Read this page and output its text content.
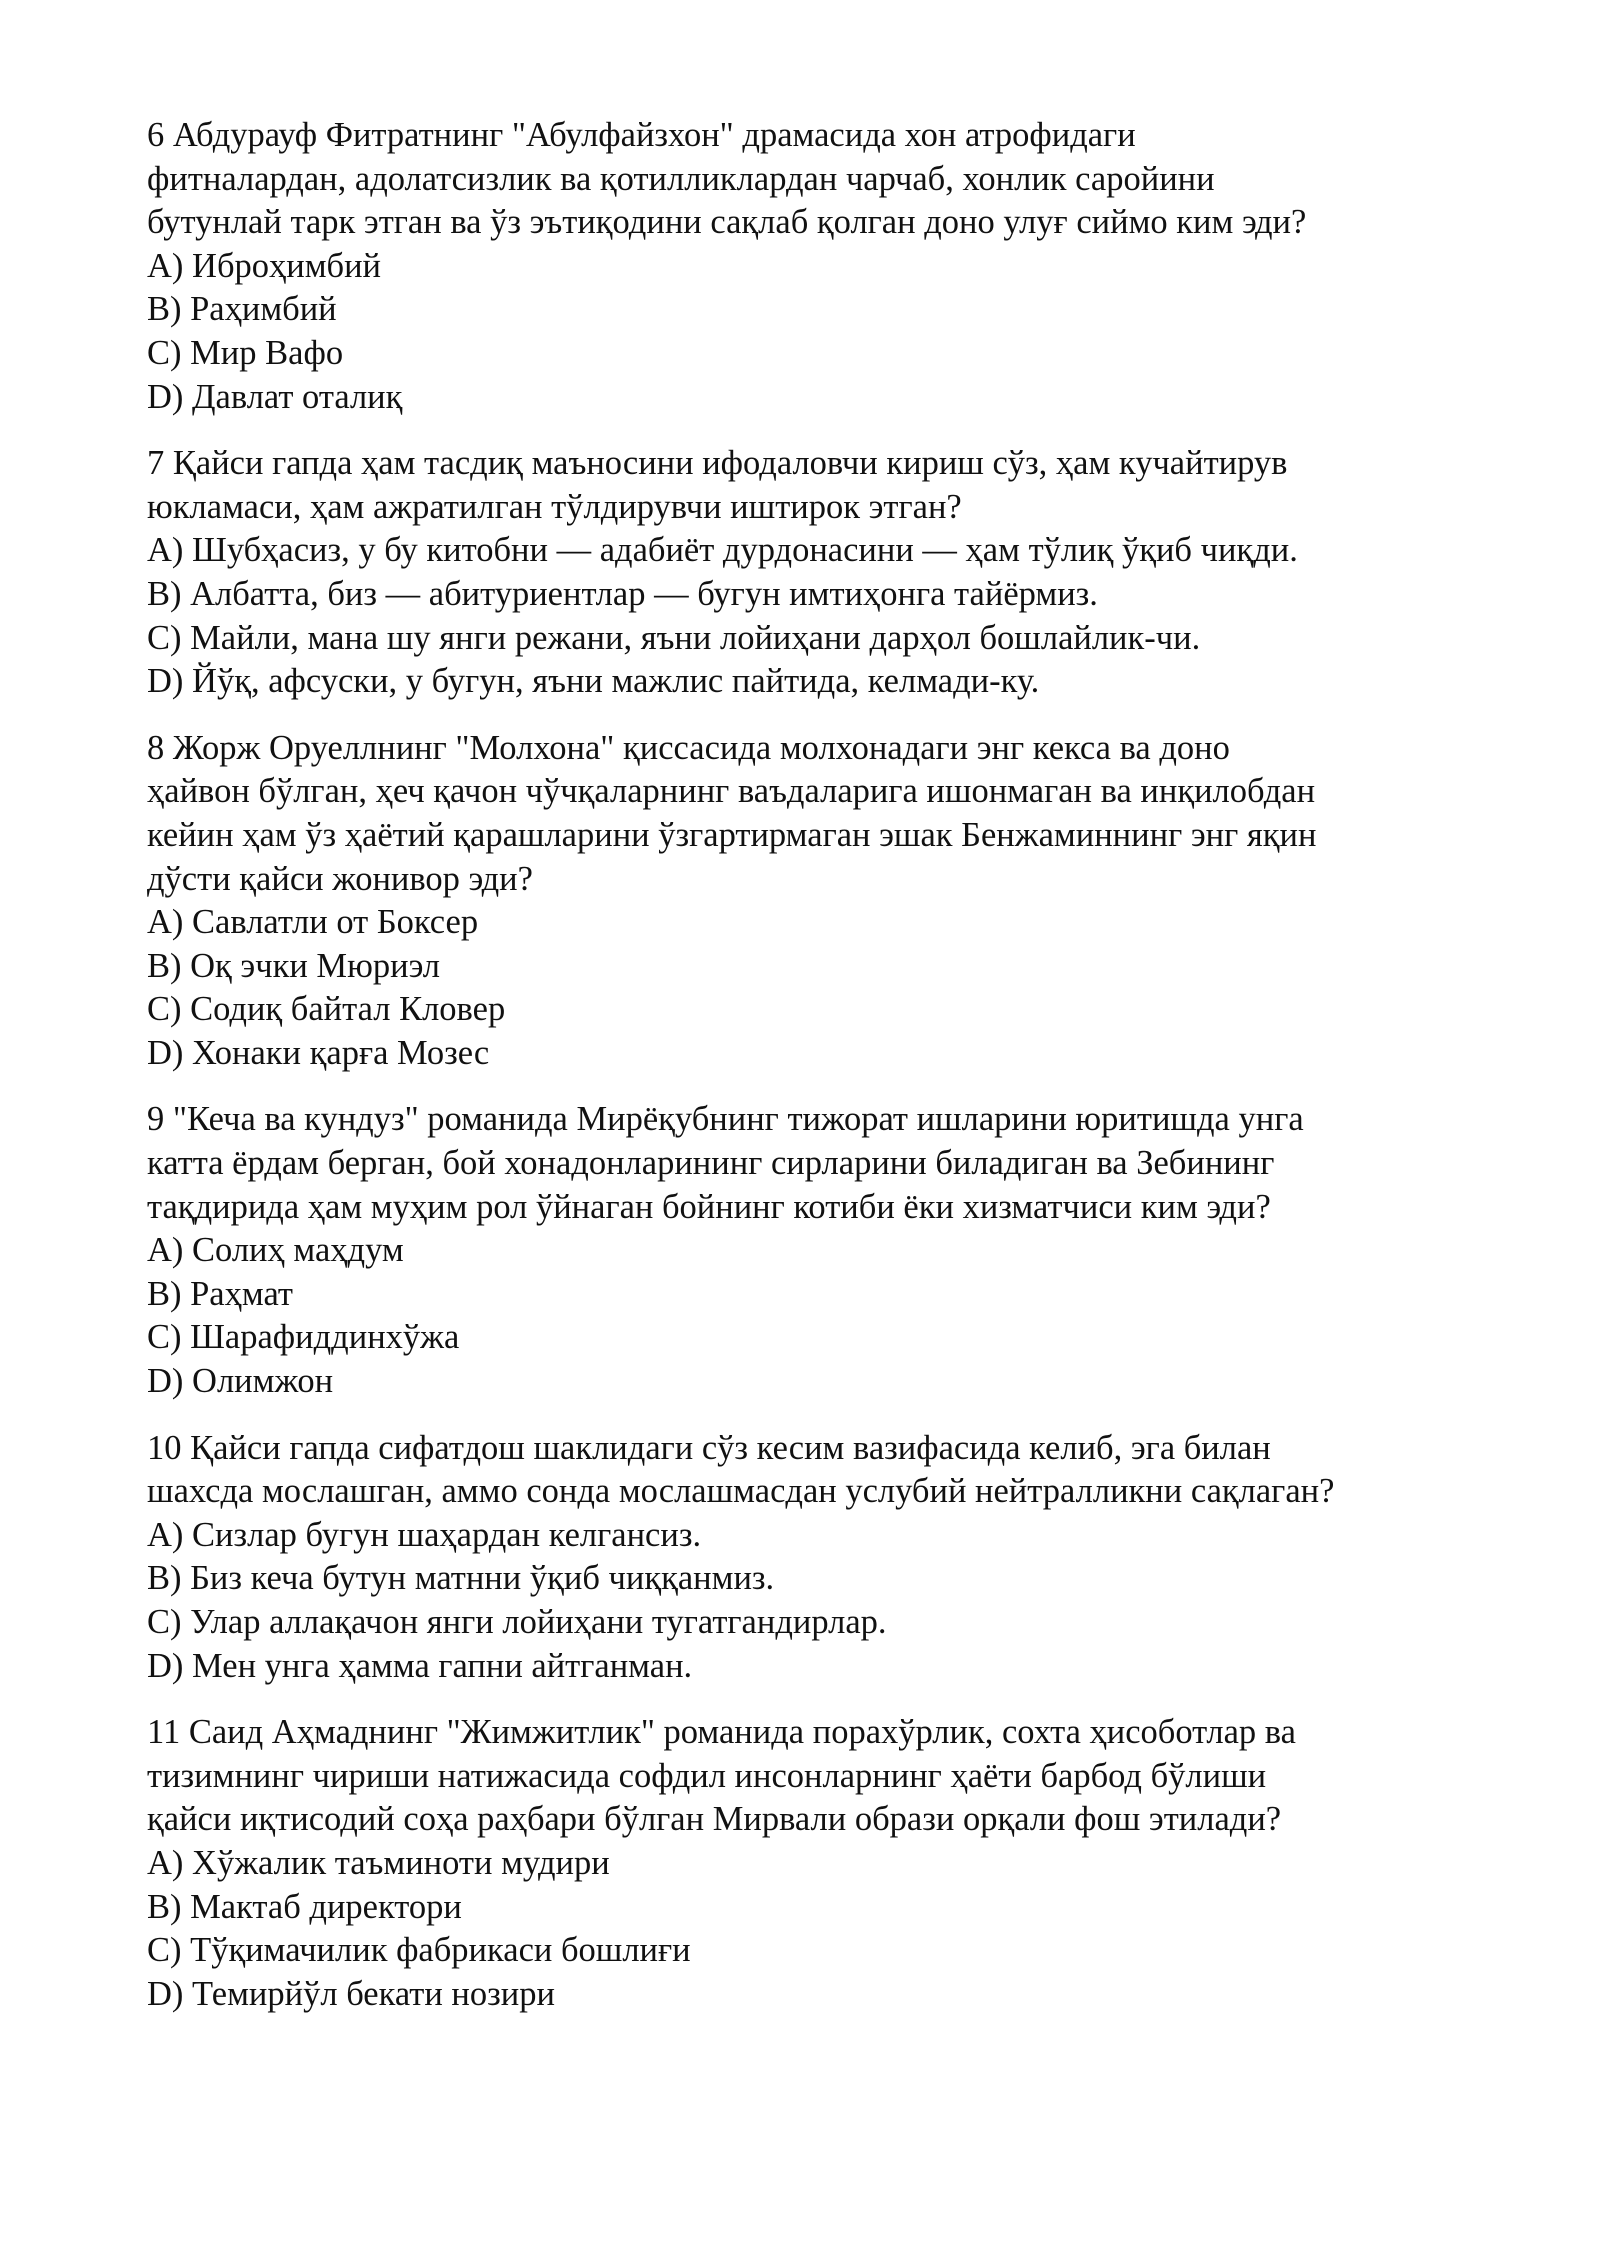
6 Абдурауф Фитратнинг "Абулфайзхон" драмасида хон атрофидаги
фитналардан, адолатсизлик ва қотилликлардан чарчаб, хонлик саройини
бутунлай тарк этган ва ўз эътиқодини сақлаб қолган доно улуғ сиймо ким эди?

A) Иброҳимбий
B) Раҳимбий
C) Мир Вафо
D) Давлат оталиқ

7 Қайси гапда ҳам тасдиқ маъносини ифодаловчи кириш сўз, ҳам кучайтирув
юкламаси, ҳам ажратилган тўлдирувчи иштирок этган?

A) Шубҳасиз, у бу китобни — адабиёт дурдонасини — ҳам тўлиқ ўқиб чиқди.
B) Албатта, биз — абитуриентлар — бугун имтиҳонга тайёрмиз.
C) Майли, мана шу янги режани, яъни лойиҳани дарҳол бошлайлик-чи.
D) Йўқ, афсуски, у бугун, яъни мажлис пайтида, келмади-ку.

8 Жорж Оруеллнинг "Молхона" қиссасида молхонадаги энг кекса ва доно
ҳайвон бўлган, ҳеч қачон чўчқаларнинг ваъдаларига ишонмаган ва инқилобдан
кейин ҳам ўз ҳаётий қарашларини ўзгартирмаган эшак Бенжаминнинг энг яқин
дўсти қайси жонивор эди?

A) Савлатли от Боксер
B) Оқ эчки Мюриэл
C) Содиқ байтал Кловер
D) Хонаки қарға Мозес

9 "Кеча ва кундуз" романида Мирёқубнинг тижорат ишларини юритишда унга
катта ёрдам берган, бой хонадонларининг сирларини биладиган ва Зебининг
тақдирида ҳам муҳим рол ўйнаган бойнинг котиби ёки хизматчиси ким эди?

A) Солиҳ маҳдум
B) Раҳмат
C) Шарафиддинхўжа
D) Олимжон

10 Қайси гапда сифатдош шаклидаги сўз кесим вазифасида келиб, эга билан
шахсда мослашган, аммо сонда мослашмасдан услубий нейтралликни сақлаган?

A) Сизлар бугун шаҳардан келгансиз.
B) Биз кеча бутун матнни ўқиб чиққанмиз.
C) Улар аллақачон янги лойиҳани тугатгандирлар.
D) Мен унга ҳамма гапни айтганман.

11 Саид Аҳмаднинг "Жимжитлик" романида порахўрлик, сохта ҳисоботлар ва
тизимнинг чириши натижасида софдил инсонларнинг ҳаёти барбод бўлиши
қайси иқтисодий соҳа раҳбари бўлган Мирвали образи орқали фош этилади?

A) Хўжалик таъминоти мудири
B) Мактаб директори
C) Тўқимачилик фабрикаси бошлиғи
D) Темирйўл бекати нозири
